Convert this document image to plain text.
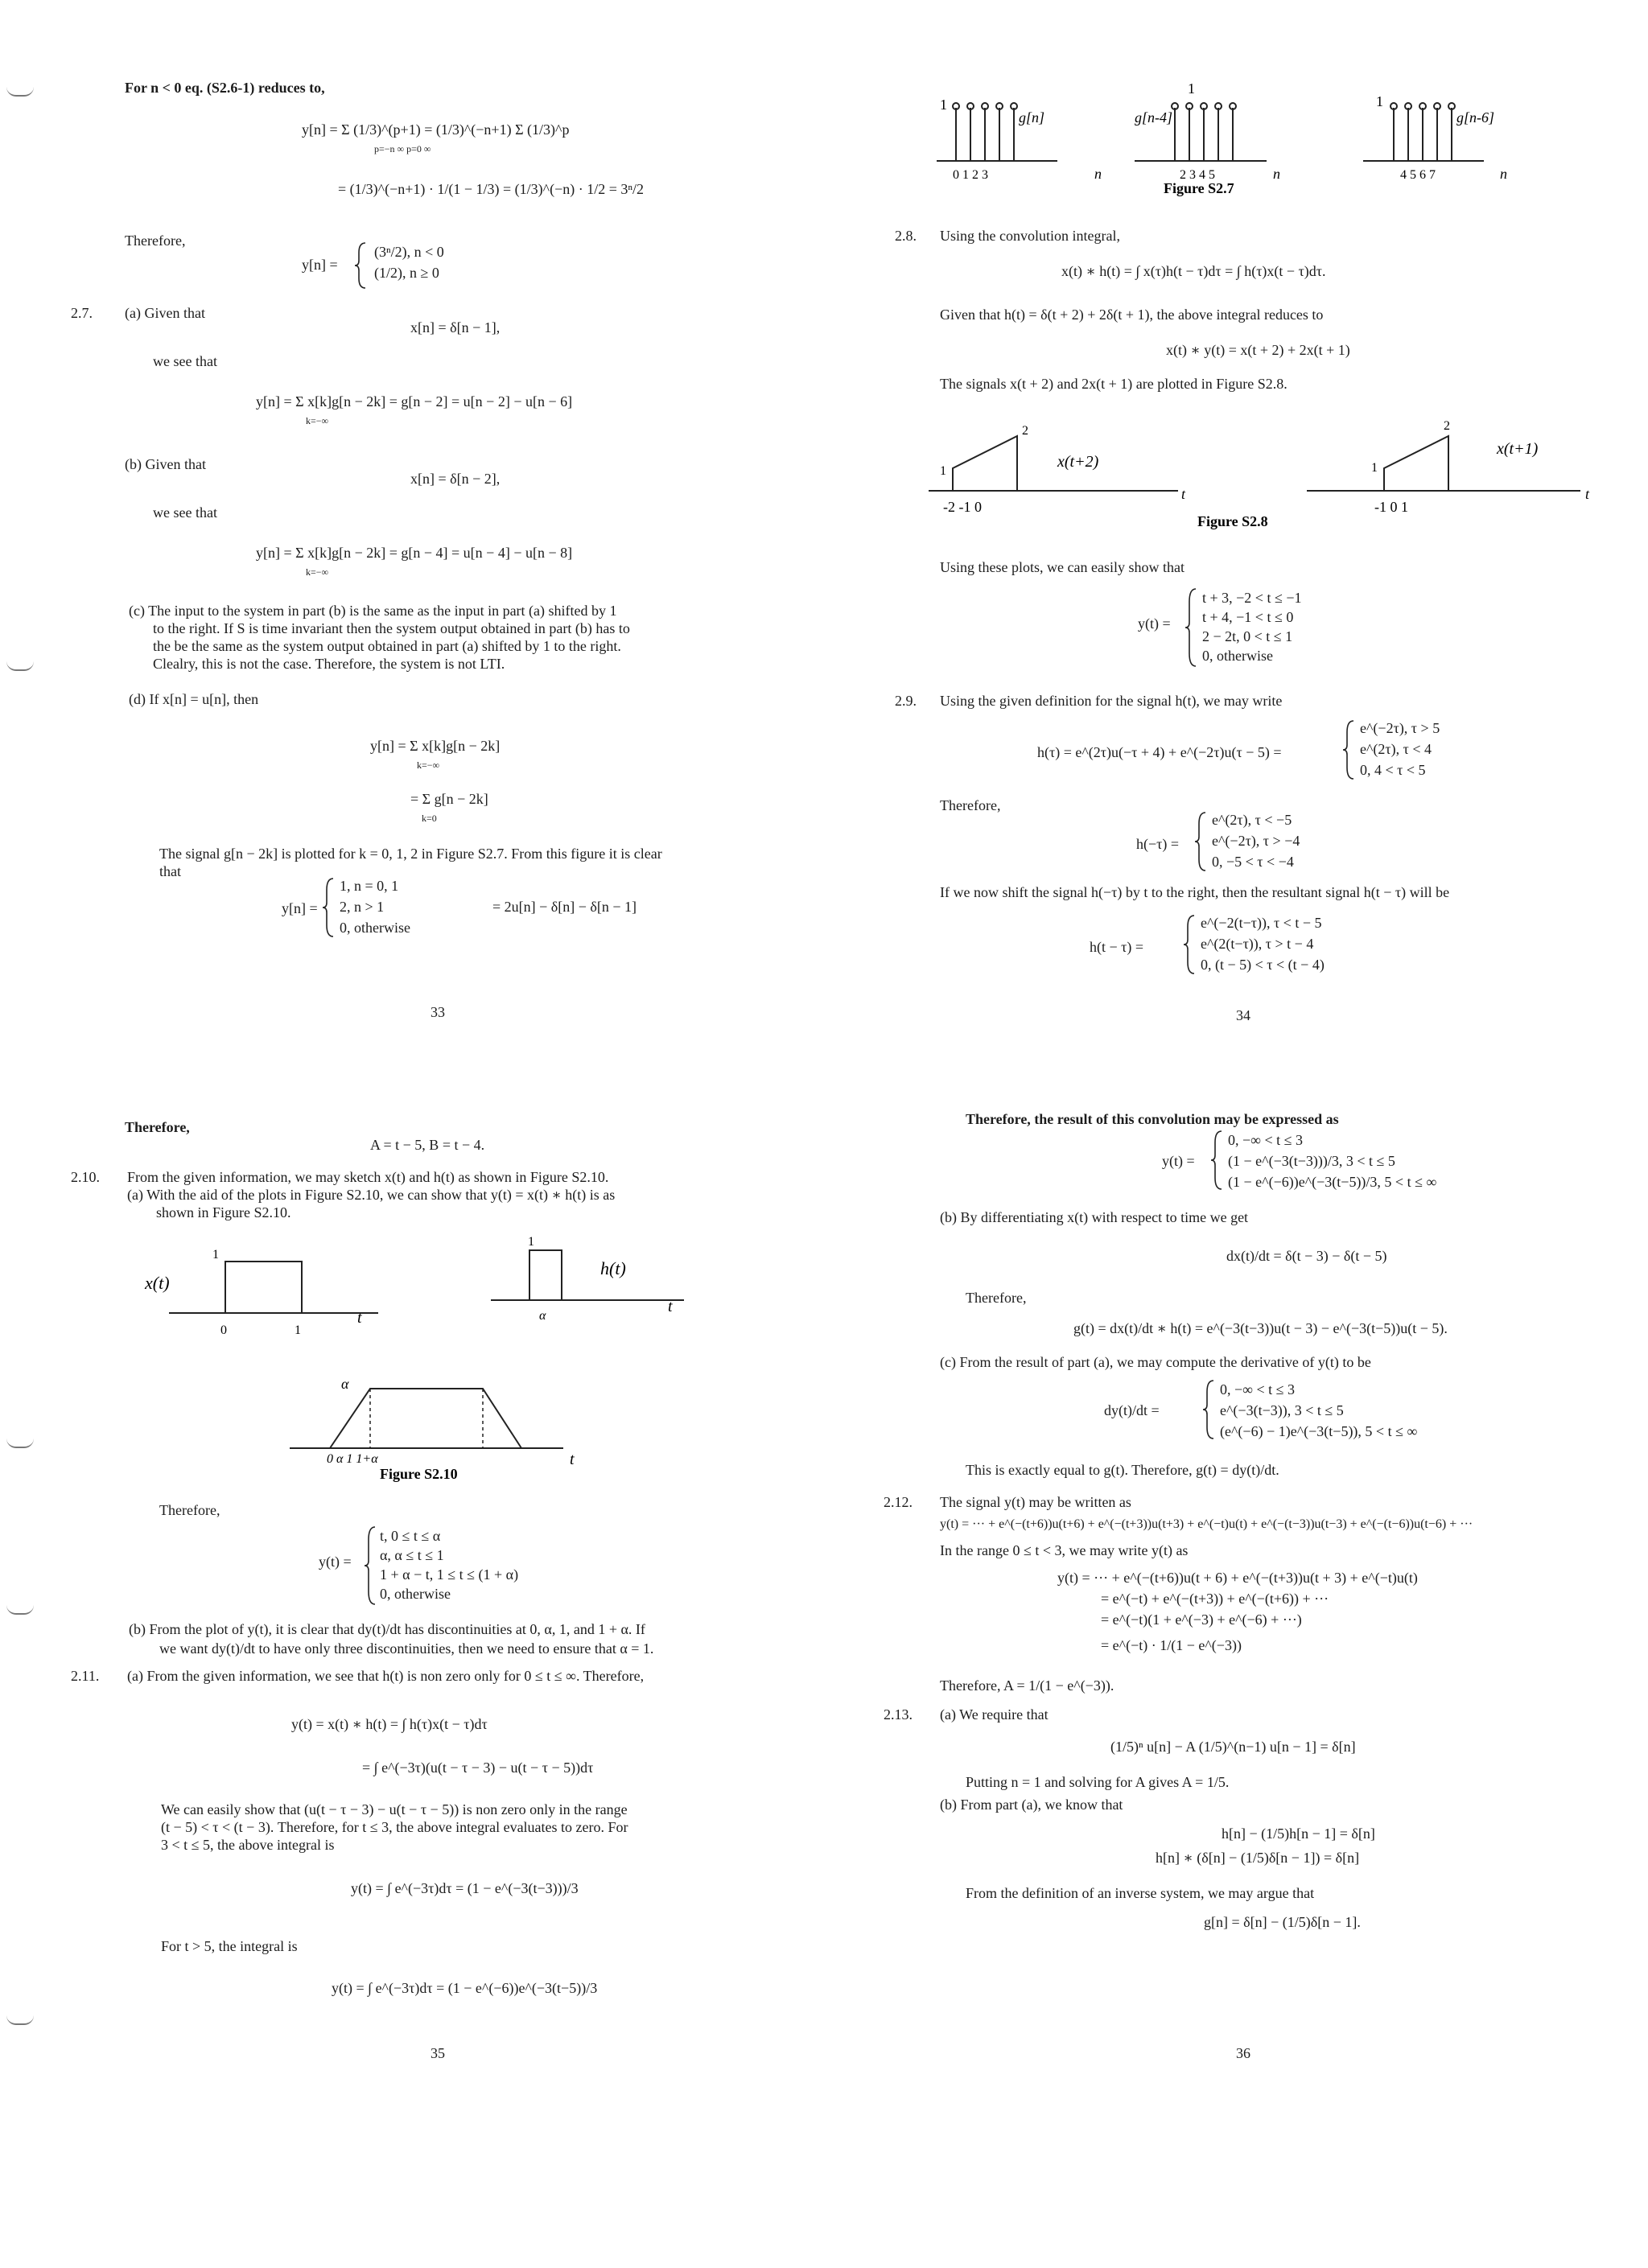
For n < 0 eq. (S2.6-1) reduces to,
y[n] = Σ (1/3)^(p+1) = (1/3)^(−n+1) Σ (1/3)^p
p=−n ∞ p=0 ∞
= (1/3)^(−n+1) · 1/(1 − 1/3) = (1/3)^(−n) · 1/2 = 3ⁿ/2
Therefore,
y[n] =
(3ⁿ/2), n < 0
(1/2), n ≥ 0
2.7. (a) Given that
x[n] = δ[n − 1],
we see that
y[n] = Σ x[k]g[n − 2k] = g[n − 2] = u[n − 2] − u[n − 6]
k=−∞
(b) Given that
x[n] = δ[n − 2],
we see that
y[n] = Σ x[k]g[n − 2k] = g[n − 4] = u[n − 4] − u[n − 8]
k=−∞
(c) The input to the system in part (b) is the same as the input in part (a) shifted by 1
to the right. If S is time invariant then the system output obtained in part (b) has to
the be the same as the system output obtained in part (a) shifted by 1 to the right.
Clealry, this is not the case. Therefore, the system is not LTI.
(d) If x[n] = u[n], then
y[n] = Σ x[k]g[n − 2k]
k=−∞
= Σ g[n − 2k]
k=0
The signal g[n − 2k] is plotted for k = 0, 1, 2 in Figure S2.7. From this figure it is clear
that
y[n] =
1, n = 0, 1
2, n > 1
0, otherwise
= 2u[n] − δ[n] − δ[n − 1]
33
1
g[n]
0 1 2 3	n
1
g[n-4]
2 3 4 5	n
1
g[n-6]
4 5 6 7	n
Figure S2.7
2.8. Using the convolution integral,
x(t) ∗ h(t) = ∫ x(τ)h(t − τ)dτ = ∫ h(τ)x(t − τ)dτ.
Given that h(t) = δ(t + 2) + 2δ(t + 1), the above integral reduces to
x(t) ∗ y(t) = x(t + 2) + 2x(t + 1)
The signals x(t + 2) and 2x(t + 1) are plotted in Figure S2.8.
1
2
x(t+2)
-2 -1 0
t
1
2
x(t+1)
-1 0 1
t
Figure S2.8
Using these plots, we can easily show that
y(t) =
t + 3, −2 < t ≤ −1
t + 4, −1 < t ≤ 0
2 − 2t, 0 < t ≤ 1
0, otherwise
2.9. Using the given definition for the signal h(t), we may write
h(τ) = e^(2τ)u(−τ + 4) + e^(−2τ)u(τ − 5) =
e^(−2τ), τ > 5
e^(2τ), τ < 4
0, 4 < τ < 5
Therefore,
h(−τ) =
e^(2τ), τ < −5
e^(−2τ), τ > −4
0, −5 < τ < −4
If we now shift the signal h(−τ) by t to the right, then the resultant signal h(t − τ) will be
h(t − τ) =
e^(−2(t−τ)), τ < t − 5
e^(2(t−τ)), τ > t − 4
0, (t − 5) < τ < (t − 4)
34
Therefore,
A = t − 5, B = t − 4.
2.10. From the given information, we may sketch x(t) and h(t) as shown in Figure S2.10.
(a) With the aid of the plots in Figure S2.10, we can show that y(t) = x(t) ∗ h(t) is as
shown in Figure S2.10.
x(t)
1
0	1
t
1
h(t)
α
t
α
0 α 1 1+α	t
Figure S2.10
Therefore,
y(t) =
t, 0 ≤ t ≤ α
α, α ≤ t ≤ 1
1 + α − t, 1 ≤ t ≤ (1 + α)
0, otherwise
(b) From the plot of y(t), it is clear that dy(t)/dt has discontinuities at 0, α, 1, and 1 + α. If
we want dy(t)/dt to have only three discontinuities, then we need to ensure that α = 1.
2.11. (a) From the given information, we see that h(t) is non zero only for 0 ≤ t ≤ ∞. Therefore,
y(t) = x(t) ∗ h(t) = ∫ h(τ)x(t − τ)dτ
= ∫ e^(−3τ)(u(t − τ − 3) − u(t − τ − 5))dτ
We can easily show that (u(t − τ − 3) − u(t − τ − 5)) is non zero only in the range
(t − 5) < τ < (t − 3). Therefore, for t ≤ 3, the above integral evaluates to zero. For
3 < t ≤ 5, the above integral is
y(t) = ∫ e^(−3τ)dτ = (1 − e^(−3(t−3)))/3
For t > 5, the integral is
y(t) = ∫ e^(−3τ)dτ = (1 − e^(−6))e^(−3(t−5))/3
35
Therefore, the result of this convolution may be expressed as
y(t) =
0, −∞ < t ≤ 3
(1 − e^(−3(t−3)))/3, 3 < t ≤ 5
(1 − e^(−6))e^(−3(t−5))/3, 5 < t ≤ ∞
(b) By differentiating x(t) with respect to time we get
dx(t)/dt = δ(t − 3) − δ(t − 5)
Therefore,
g(t) = dx(t)/dt ∗ h(t) = e^(−3(t−3))u(t − 3) − e^(−3(t−5))u(t − 5).
(c) From the result of part (a), we may compute the derivative of y(t) to be
dy(t)/dt =
0, −∞ < t ≤ 3
e^(−3(t−3)), 3 < t ≤ 5
(e^(−6) − 1)e^(−3(t−5)), 5 < t ≤ ∞
This is exactly equal to g(t). Therefore, g(t) = dy(t)/dt.
2.12. The signal y(t) may be written as
y(t) = ··· + e^(−(t+6))u(t+6) + e^(−(t+3))u(t+3) + e^(−t)u(t) + e^(−(t−3))u(t−3) + e^(−(t−6))u(t−6) + ···
In the range 0 ≤ t < 3, we may write y(t) as
y(t) = ··· + e^(−(t+6))u(t + 6) + e^(−(t+3))u(t + 3) + e^(−t)u(t)
= e^(−t) + e^(−(t+3)) + e^(−(t+6)) + ···
= e^(−t)(1 + e^(−3) + e^(−6) + ···)
= e^(−t) · 1/(1 − e^(−3))
Therefore, A = 1/(1 − e^(−3)).
2.13. (a) We require that
(1/5)ⁿ u[n] − A (1/5)^(n−1) u[n − 1] = δ[n]
Putting n = 1 and solving for A gives A = 1/5.
(b) From part (a), we know that
h[n] − (1/5)h[n − 1] = δ[n]
h[n] ∗ (δ[n] − (1/5)δ[n − 1]) = δ[n]
From the definition of an inverse system, we may argue that
g[n] = δ[n] − (1/5)δ[n − 1].
36
